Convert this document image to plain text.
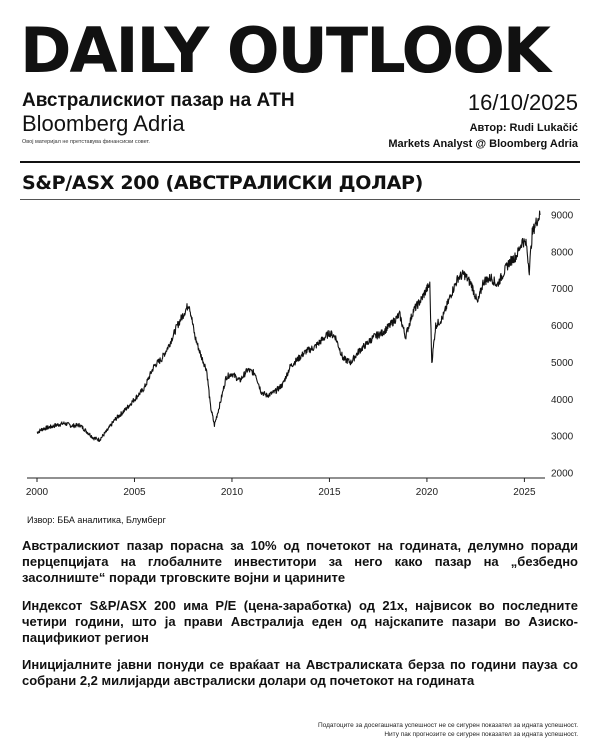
DAILY OUTLOOK
Австралискиот пазар на АТН
Bloomberg Adria
Овој материјал не претставува финансиски совет.
16/10/2025
Автор: Rudi Lukačić
Markets Analyst @ Bloomberg Adria
S&P/ASX 200 (АВСТРАЛИСКИ ДОЛАР)
2000	2005	2010	2015	2020	2025
2000
3000
4000
5000
6000
7000
8000
9000
Извор: ББА аналитика, Блумберг
Австралискиот пазар порасна за 10% од почетокот на годината, делумно поради перцепцијата на глобалните инвеститори за него како пазар на „безбедно засолниште“ поради трговските војни и царините
Индексот S&P/ASX 200 има P/E (цена-заработка) од 21x, највисок во последните четири години, што ја прави Австралија еден од најскапите пазари во Азиско-пацификиот регион
Иницијалните јавни понуди се враќаат на Австралиската берза по години пауза со собрани 2,2 милијарди австралиски долари од почетокот на годината
Податоците за досегашната успешност не се сигурен показател за идната успешност.
Ниту пак прогнозите се сигурен показател за идната успешност.
